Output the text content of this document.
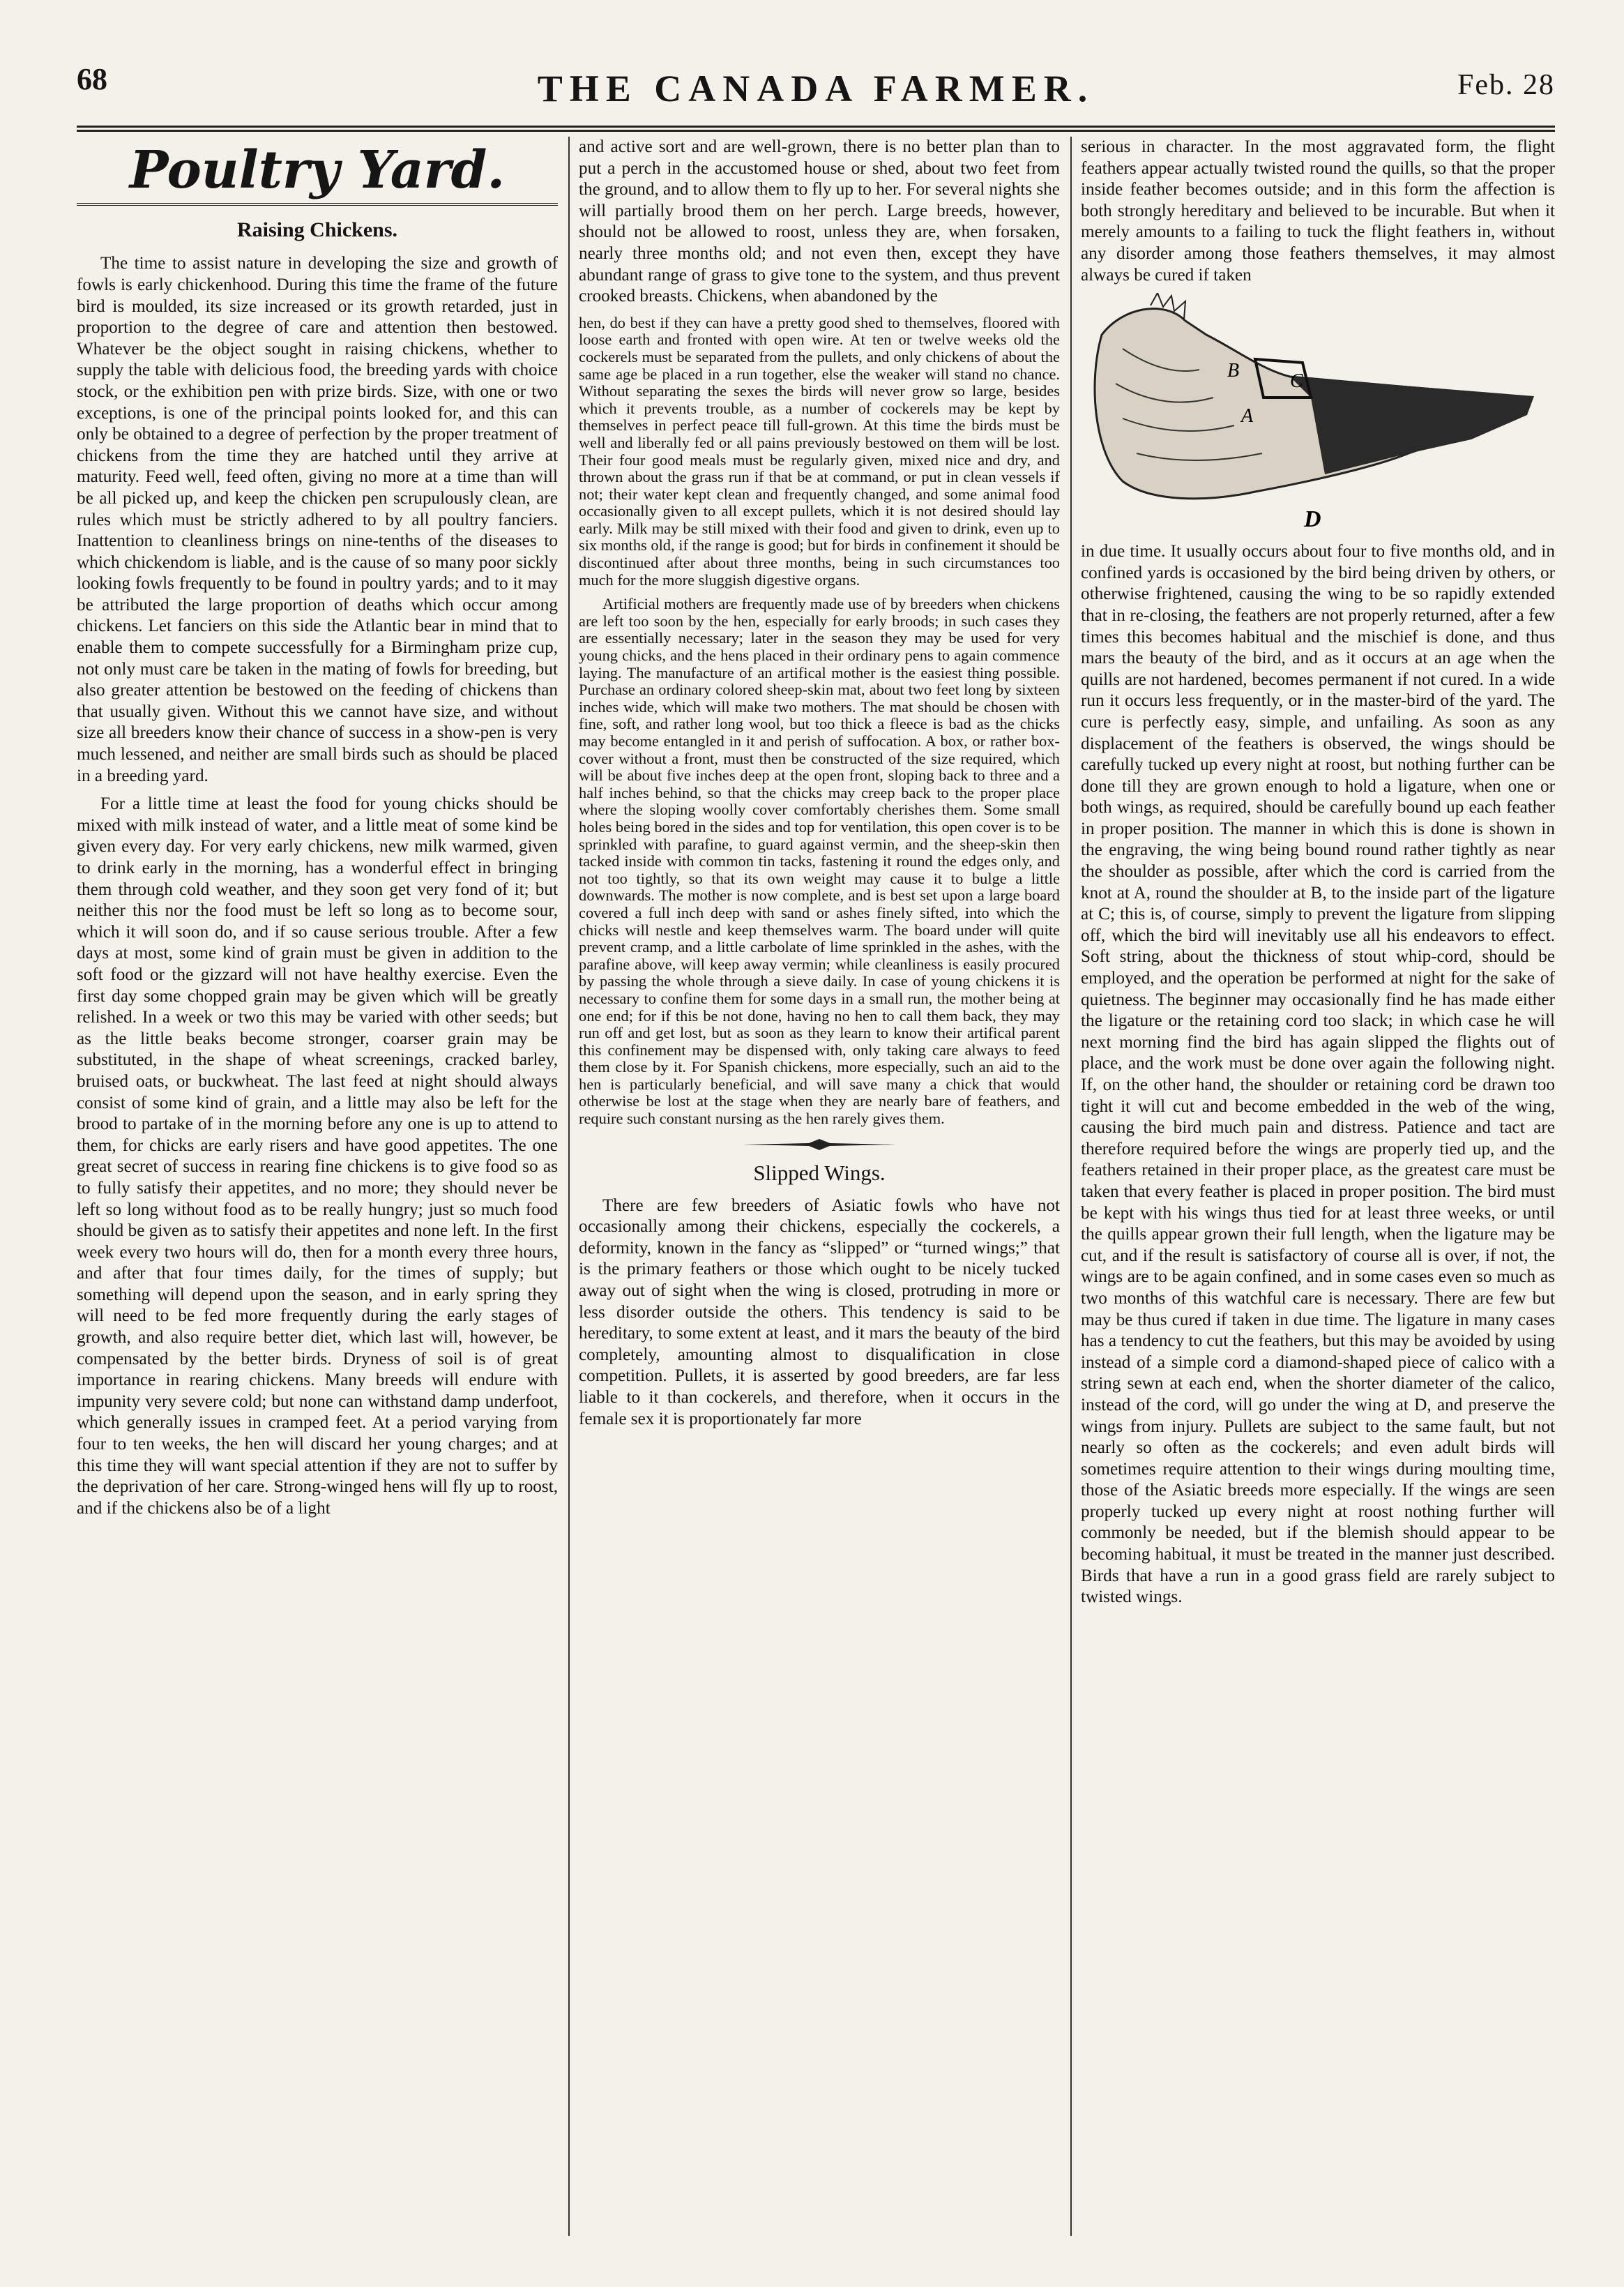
68	THE CANADA FARMER.	Feb. 28
Poultry Yard.
Raising Chickens.

The time to assist nature in developing the size and growth of fowls is early chickenhood. During this time the frame of the future bird is moulded, its size increased or its growth retarded, just in proportion to the degree of care and attention then bestowed. Whatever be the object sought in raising chickens, whether to supply the table with delicious food, the breeding yards with choice stock, or the exhibition pen with prize birds. Size, with one or two exceptions, is one of the principal points looked for, and this can only be obtained to a degree of perfection by the proper treatment of chickens from the time they are hatched until they arrive at maturity. Feed well, feed often, giving no more at a time than will be all picked up, and keep the chicken pen scrupulously clean, are rules which must be strictly adhered to by all poultry fanciers. Inattention to cleanliness brings on nine-tenths of the diseases to which chickendom is liable, and is the cause of so many poor sickly looking fowls frequently to be found in poultry yards; and to it may be attributed the large proportion of deaths which occur among chickens. Let fanciers on this side the Atlantic bear in mind that to enable them to compete successfully for a Birmingham prize cup, not only must care be taken in the mating of fowls for breeding, but also greater attention be bestowed on the feeding of chickens than that usually given. Without this we cannot have size, and without size all breeders know their chance of success in a show-pen is very much lessened, and neither are small birds such as should be placed in a breeding yard.

For a little time at least the food for young chicks should be mixed with milk instead of water, and a little meat of some kind be given every day. For very early chickens, new milk warmed, given to drink early in the morning, has a wonderful effect in bringing them through cold weather, and they soon get very fond of it; but neither this nor the food must be left so long as to become sour, which it will soon do, and if so cause serious trouble. After a few days at most, some kind of grain must be given in addition to the soft food or the gizzard will not have healthy exercise. Even the first day some chopped grain may be given which will be greatly relished. In a week or two this may be varied with other seeds; but as the little beaks become stronger, coarser grain may be substituted, in the shape of wheat screenings, cracked barley, bruised oats, or buckwheat. The last feed at night should always consist of some kind of grain, and a little may also be left for the brood to partake of in the morning before any one is up to attend to them, for chicks are early risers and have good appetites. The one great secret of success in rearing fine chickens is to give food so as to fully satisfy their appetites, and no more; they should never be left so long without food as to be really hungry; just so much food should be given as to satisfy their appetites and none left. In the first week every two hours will do, then for a month every three hours, and after that four times daily, for the times of supply; but something will depend upon the season, and in early spring they will need to be fed more frequently during the early stages of growth, and also require better diet, which last will, however, be compensated by the better birds. Dryness of soil is of great importance in rearing chickens. Many breeds will endure with impunity very severe cold; but none can withstand damp underfoot, which generally issues in cramped feet. At a period varying from four to ten weeks, the hen will discard her young charges; and at this time they will want special attention if they are not to suffer by the deprivation of her care. Strong-winged hens will fly up to roost, and if the chickens also be of a light

and active sort and are well-grown, there is no better plan than to put a perch in the accustomed house or shed, about two feet from the ground, and to allow them to fly up to her. For several nights she will partially brood them on her perch. Large breeds, however, should not be allowed to roost, unless they are, when forsaken, nearly three months old; and not even then, except they have abundant range of grass to give tone to the system, and thus prevent crooked breasts. Chickens, when abandoned by the

hen, do best if they can have a pretty good shed to themselves, floored with loose earth and fronted with open wire. At ten or twelve weeks old the cockerels must be separated from the pullets, and only chickens of about the same age be placed in a run together, else the weaker will stand no chance. Without separating the sexes the birds will never grow so large, besides which it prevents trouble, as a number of cockerels may be kept by themselves in perfect peace till full-grown. At this time the birds must be well and liberally fed or all pains previously bestowed on them will be lost. Their four good meals must be regularly given, mixed nice and dry, and thrown about the grass run if that be at command, or put in clean vessels if not; their water kept clean and frequently changed, and some animal food occasionally given to all except pullets, which it is not desired should lay early. Milk may be still mixed with their food and given to drink, even up to six months old, if the range is good; but for birds in confinement it should be discontinued after about three months, being in such circumstances too much for the more sluggish digestive organs.

Artificial mothers are frequently made use of by breeders when chickens are left too soon by the hen, especially for early broods; in such cases they are essentially necessary; later in the season they may be used for very young chicks, and the hens placed in their ordinary pens to again commence laying. The manufacture of an artifical mother is the easiest thing possible. Purchase an ordinary colored sheep-skin mat, about two feet long by sixteen inches wide, which will make two mothers. The mat should be chosen with fine, soft, and rather long wool, but too thick a fleece is bad as the chicks may become entangled in it and perish of suffocation. A box, or rather box-cover without a front, must then be constructed of the size required, which will be about five inches deep at the open front, sloping back to three and a half inches behind, so that the chicks may creep back to the proper place where the sloping woolly cover comfortably cherishes them. Some small holes being bored in the sides and top for ventilation, this open cover is to be sprinkled with parafine, to guard against vermin, and the sheep-skin then tacked inside with common tin tacks, fastening it round the edges only, and not too tightly, so that its own weight may cause it to bulge a little downwards. The mother is now complete, and is best set upon a large board covered a full inch deep with sand or ashes finely sifted, into which the chicks will nestle and keep themselves warm. The board under will quite prevent cramp, and a little carbolate of lime sprinkled in the ashes, with the parafine above, will keep away vermin; while cleanliness is easily procured by passing the whole through a sieve daily. In case of young chickens it is necessary to confine them for some days in a small run, the mother being at one end; for if this be not done, having no hen to call them back, they may run off and get lost, but as soon as they learn to know their artifical parent this confinement may be dispensed with, only taking care always to feed them close by it. For Spanish chickens, more especially, such an aid to the hen is particularly beneficial, and will save many a chick that would otherwise be lost at the stage when they are nearly bare of feathers, and require such constant nursing as the hen rarely gives them.

Slipped Wings.

There are few breeders of Asiatic fowls who have not occasionally among their chickens, especially the cockerels, a deformity, known in the fancy as “slipped” or “turned wings;” that is the primary feathers or those which ought to be nicely tucked away out of sight when the wing is closed, protruding in more or less disorder outside the others. This tendency is said to be hereditary, to some extent at least, and it mars the beauty of the bird completely, amounting almost to disqualification in close competition. Pullets, it is asserted by good breeders, are far less liable to it than cockerels, and therefore, when it occurs in the female sex it is proportionately far more

serious in character. In the most aggravated form, the flight feathers appear actually twisted round the quills, so that the proper inside feather becomes outside; and in this form the affection is both strongly hereditary and believed to be incurable. But when it merely amounts to a failing to tuck the flight feathers in, without any disorder among those feathers themselves, it may almost always be cured if taken

A
B	C
D

in due time. It usually occurs about four to five months old, and in confined yards is occasioned by the bird being driven by others, or otherwise frightened, causing the wing to be so rapidly extended that in re-closing, the feathers are not properly returned, after a few times this becomes habitual and the mischief is done, and thus mars the beauty of the bird, and as it occurs at an age when the quills are not hardened, becomes permanent if not cured. In a wide run it occurs less frequently, or in the master-bird of the yard. The cure is perfectly easy, simple, and unfailing. As soon as any displacement of the feathers is observed, the wings should be carefully tucked up every night at roost, but nothing further can be done till they are grown enough to hold a ligature, when one or both wings, as required, should be carefully bound up each feather in proper position. The manner in which this is done is shown in the engraving, the wing being bound round rather tightly as near the shoulder as possible, after which the cord is carried from the knot at A, round the shoulder at B, to the inside part of the ligature at C; this is, of course, simply to prevent the ligature from slipping off, which the bird will inevitably use all his endeavors to effect. Soft string, about the thickness of stout whip-cord, should be employed, and the operation be performed at night for the sake of quietness. The beginner may occasionally find he has made either the ligature or the retaining cord too slack; in which case he will next morning find the bird has again slipped the flights out of place, and the work must be done over again the following night. If, on the other hand, the shoulder or retaining cord be drawn too tight it will cut and become embedded in the web of the wing, causing the bird much pain and distress. Patience and tact are therefore required before the wings are properly tied up, and the feathers retained in their proper place, as the greatest care must be taken that every feather is placed in proper position. The bird must be kept with his wings thus tied for at least three weeks, or until the quills appear grown their full length, when the ligature may be cut, and if the result is satisfactory of course all is over, if not, the wings are to be again confined, and in some cases even so much as two months of this watchful care is necessary. There are few but may be thus cured if taken in due time. The ligature in many cases has a tendency to cut the feathers, but this may be avoided by using instead of a simple cord a diamond-shaped piece of calico with a string sewn at each end, when the shorter diameter of the calico, instead of the cord, will go under the wing at D, and preserve the wings from injury. Pullets are subject to the same fault, but not nearly so often as the cockerels; and even adult birds will sometimes require attention to their wings during moulting time, those of the Asiatic breeds more especially. If the wings are seen properly tucked up every night at roost nothing further will commonly be needed, but if the blemish should appear to be becoming habitual, it must be treated in the manner just described. Birds that have a run in a good grass field are rarely subject to twisted wings.
